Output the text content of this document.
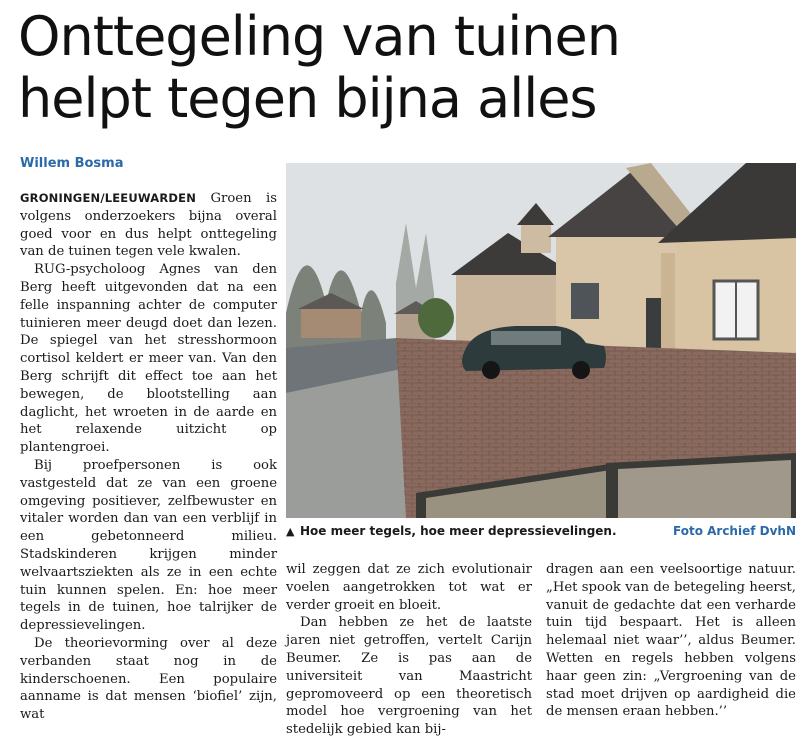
Onttegeling van tuinen
helpt tegen bijna alles
Willem Bosma

GRONINGEN/LEEUWARDEN Groen is volgens onderzoekers bijna overal goed voor en dus helpt onttegeling van de tuinen tegen vele kwalen.

RUG-psycholoog Agnes van den Berg heeft uitgevonden dat na een felle inspanning achter de computer tuinieren meer deugd doet dan lezen. De spiegel van het stresshormoon cortisol keldert er meer van. Van den Berg schrijft dit effect toe aan het bewegen, de blootstelling aan daglicht, het wroeten in de aarde en het relaxende uitzicht op plantengroei.

Bij proefpersonen is ook vastgesteld dat ze van een groene omgeving positiever, zelfbewuster en vitaler worden dan van een verblijf in een gebetonneerd milieu. Stadskinderen krijgen minder welvaartsziekten als ze in een echte tuin kunnen spelen. En: hoe meer tegels in de tuinen, hoe talrijker de depressievelingen.

De theorievorming over al deze verbanden staat nog in de kinderschoenen. Een populaire aanname is dat mensen ‘biofiel’ zijn, wat

▲ Hoe meer tegels, hoe meer depressievelingen.	Foto Archief DvhN

wil zeggen dat ze zich evolutionair voelen aangetrokken tot wat er verder groeit en bloeit.

Dan hebben ze het de laatste jaren niet getroffen, vertelt Carijn Beumer. Ze is pas aan de universiteit van Maastricht gepromoveerd op een theoretisch model hoe vergroening van het stedelijk gebied kan bij-

dragen aan een veelsoortige natuur. „Het spook van de betegeling heerst, vanuit de gedachte dat een verharde tuin tijd bespaart. Het is alleen helemaal niet waar’’, aldus Beumer. Wetten en regels hebben volgens haar geen zin: „Vergroening van de stad moet drijven op aardigheid die de mensen eraan hebben.’’
